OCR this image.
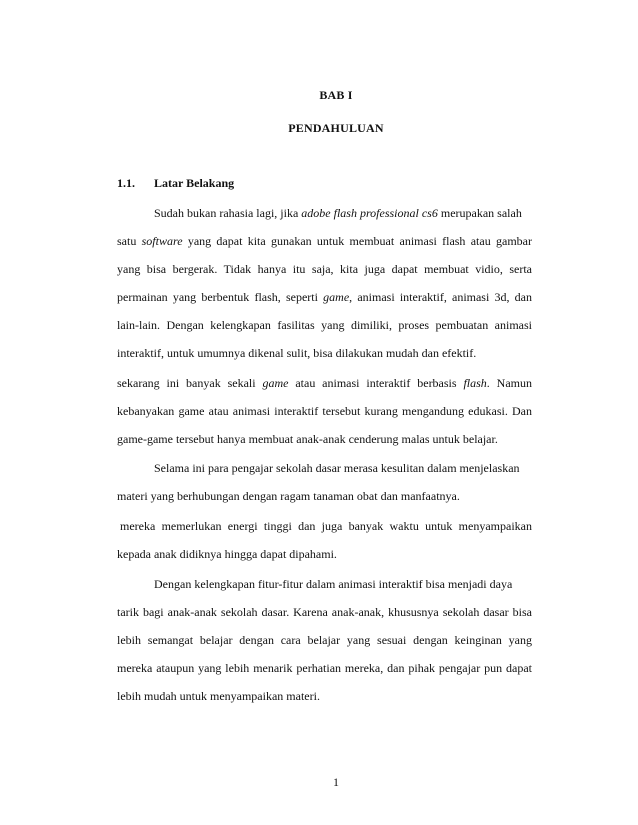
BAB I
PENDAHULUAN
1.1. Latar Belakang
Sudah bukan rahasia lagi, jika adobe flash professional cs6 merupakan salah
satu software yang dapat kita gunakan untuk membuat animasi flash atau gambar
yang bisa bergerak. Tidak hanya itu saja, kita juga dapat membuat vidio, serta
permainan yang berbentuk flash, seperti game, animasi interaktif, animasi 3d, dan
lain-lain. Dengan kelengkapan fasilitas yang dimiliki, proses pembuatan animasi
interaktif, untuk umumnya dikenal sulit, bisa dilakukan mudah dan efektif.
sekarang ini banyak sekali game atau animasi interaktif berbasis flash. Namun
kebanyakan game atau animasi interaktif tersebut kurang mengandung edukasi. Dan
game-game tersebut hanya membuat anak-anak cenderung malas untuk belajar.
Selama ini para pengajar sekolah dasar merasa kesulitan dalam menjelaskan
materi yang berhubungan dengan ragam tanaman obat dan manfaatnya.
mereka memerlukan energi tinggi dan juga banyak waktu untuk menyampaikan
kepada anak didiknya hingga dapat dipahami.
Dengan kelengkapan fitur-fitur dalam animasi interaktif bisa menjadi daya
tarik bagi anak-anak sekolah dasar. Karena anak-anak, khususnya sekolah dasar bisa
lebih semangat belajar dengan cara belajar yang sesuai dengan keinginan yang
mereka ataupun yang lebih menarik perhatian mereka, dan pihak pengajar pun dapat
lebih mudah untuk menyampaikan materi.
1
